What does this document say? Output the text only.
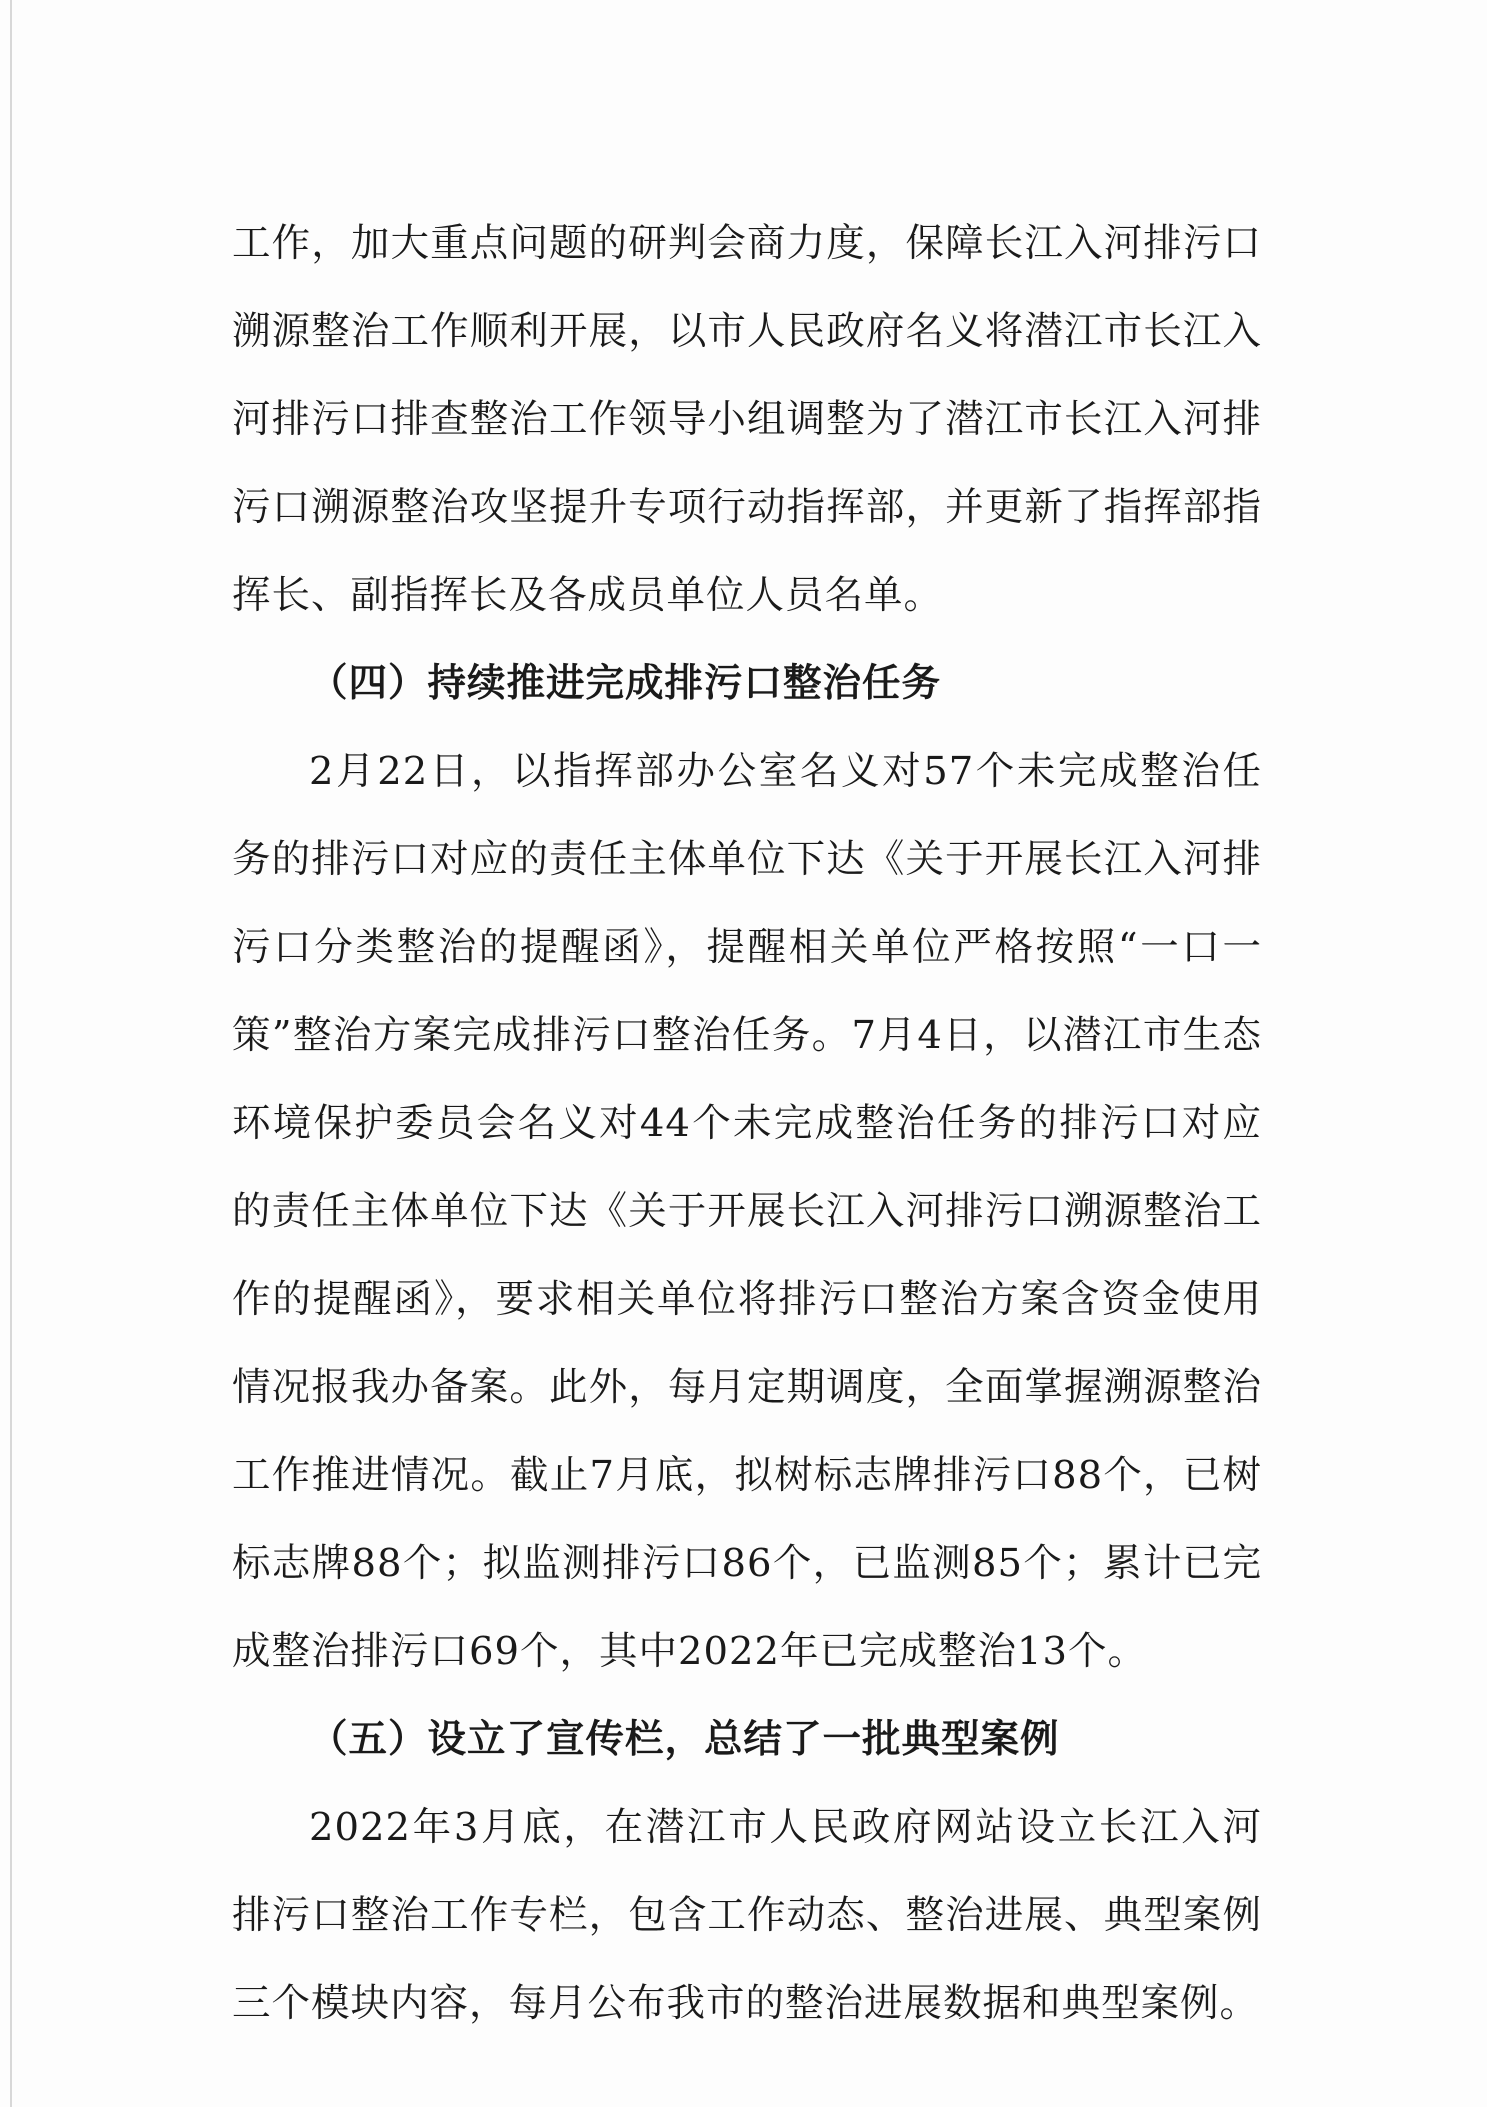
工作，加大重点问题的研判会商力度，保障长江入河排污口溯源整治工作顺利开展，以市人民政府名义将潜江市长江入河排污口排查整治工作领导小组调整为了潜江市长江入河排污口溯源整治攻坚提升专项行动指挥部，并更新了指挥部指挥长、副指挥长及各成员单位人员名单。

（四）持续推进完成排污口整治任务

2月22日，以指挥部办公室名义对57个未完成整治任务的排污口对应的责任主体单位下达《关于开展长江入河排污口分类整治的提醒函》，提醒相关单位严格按照“一口一策”整治方案完成排污口整治任务。7月4日，以潜江市生态环境保护委员会名义对44个未完成整治任务的排污口对应的责任主体单位下达《关于开展长江入河排污口溯源整治工作的提醒函》，要求相关单位将排污口整治方案含资金使用情况报我办备案。此外，每月定期调度，全面掌握溯源整治工作推进情况。截止7月底，拟树标志牌排污口88个，已树标志牌88个；拟监测排污口86个，已监测85个；累计已完成整治排污口69个，其中2022年已完成整治13个。

（五）设立了宣传栏，总结了一批典型案例

2022年3月底，在潜江市人民政府网站设立长江入河排污口整治工作专栏，包含工作动态、整治进展、典型案例三个模块内容，每月公布我市的整治进展数据和典型案例。
